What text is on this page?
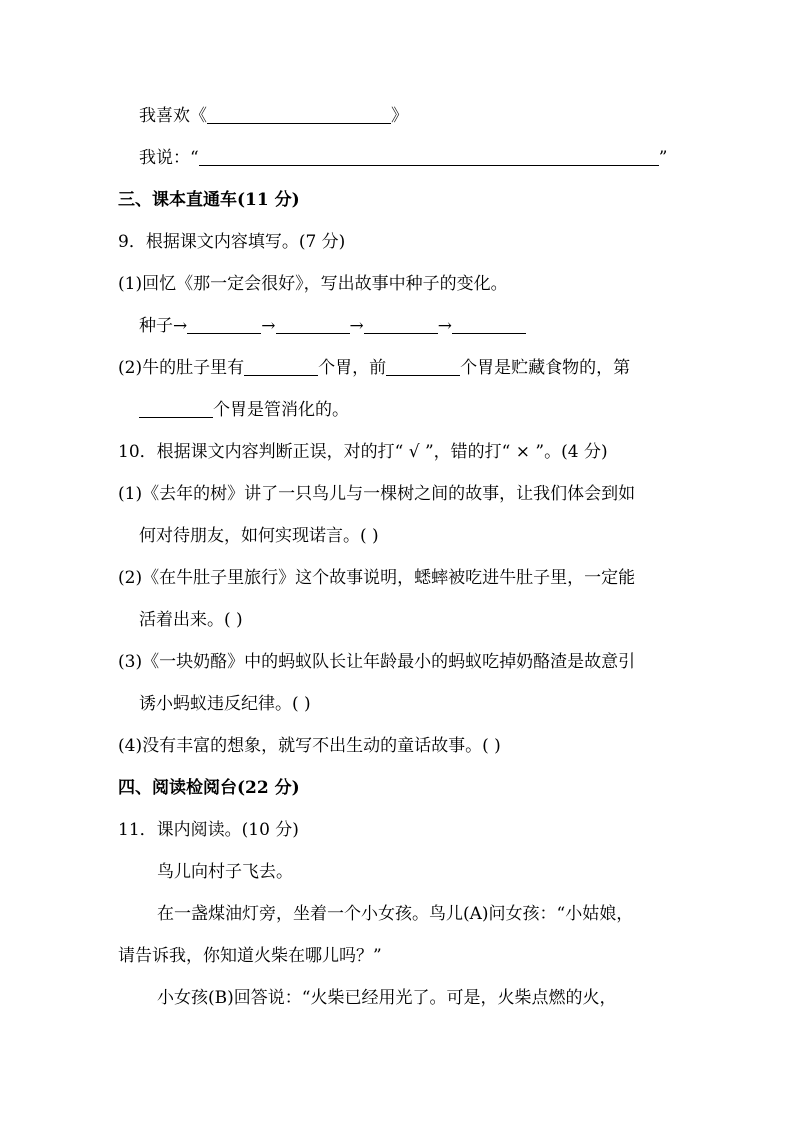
我喜欢《	》
我说：“	”
三、课本直通车(11 分)
9．根据课文内容填写。(7 分)
(1)回忆《那一定会很好》，写出故事中种子的变化。
种子→	→	→	→
(2)牛的肚子里有	个胃，前	个胃是贮藏食物的，第
个胃是管消化的。
10．根据课文内容判断正误，对的打“ √ ”，错的打“ × ”。(4 分)
(1)《去年的树》讲了一只鸟儿与一棵树之间的故事，让我们体会到如
何对待朋友，如何实现诺言。( )
(2)《在牛肚子里旅行》这个故事说明，蟋蟀被吃进牛肚子里，一定能
活着出来。( )
(3)《一块奶酪》中的蚂蚁队长让年龄最小的蚂蚁吃掉奶酪渣是故意引
诱小蚂蚁违反纪律。( )
(4)没有丰富的想象，就写不出生动的童话故事。( )
四、阅读检阅台(22 分)
11．课内阅读。(10 分)
鸟儿向村子飞去。
在一盏煤油灯旁，坐着一个小女孩。鸟儿(A)问女孩：“小姑娘，
请告诉我，你知道火柴在哪儿吗？”
小女孩(B)回答说：“火柴已经用光了。可是，火柴点燃的火，
